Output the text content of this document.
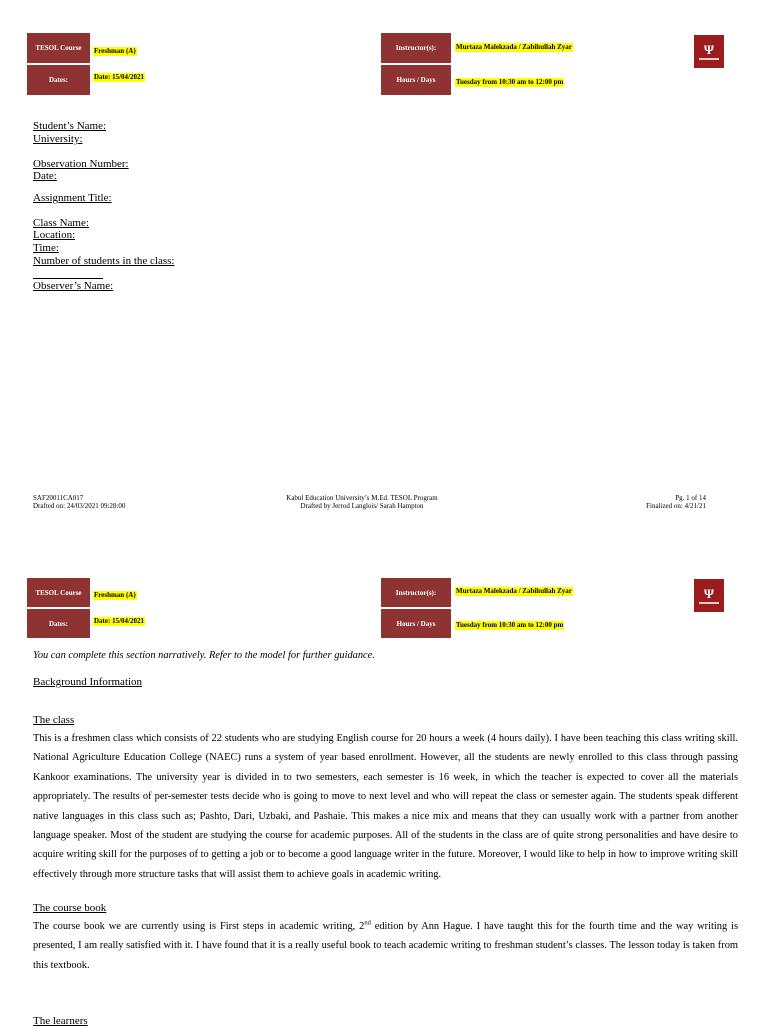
TESOL Course
Dates:
Freshman (A)
Date: 15/04/2021
Instructor(s):
Hours / Days
Murtaza Malekzada / Zabihullah Zyar
Tuesday from 10:30 am to 12:00 pm
Ψ
Student’s Name:
University:
Observation Number:
Date:
Assignment Title:
Class Name:
Location:
Time:
Number of students in the class:
Observer’s Name:
SAF20011CA017
Drafted on: 24/03/2021 09:28:00
Kabul Education University’s M.Ed. TESOL Program
Drafted by Jerrod Langlois/ Sarah Hampton
Pg. 1 of 14
Finalized on: 4/21/21
TESOL Course
Dates:
Freshman (A)
Date: 15/04/2021
Instructor(s):
Hours / Days
Murtaza Malekzada / Zabihullah Zyar
Tuesday from 10:30 am to 12:00 pm
Ψ
You can complete this section narratively. Refer to the model for further guidance.
Background Information
The class
This is a freshmen class which consists of 22 students who are studying English course for 20 hours a week (4 hours daily). I have been teaching this class writing skill. National Agriculture Education College (NAEC) runs a system of year based enrollment. However, all the students are newly enrolled to this class through passing Kankoor examinations. The university year is divided in to two semesters, each semester is 16 week, in which the teacher is expected to cover all the materials appropriately. The results of per-semester tests decide who is going to move to next level and who will repeat the class or semester again. The students speak different native languages in this class such as; Pashto, Dari, Uzbaki, and Pashaie. This makes a nice mix and means that they can usually work with a partner from another language speaker. Most of the student are studying the course for academic purposes. All of the students in the class are of quite strong personalities and have desire to acquire writing skill for the purposes of to getting a job or to become a good language writer in the future. Moreover, I would like to help in how to improve writing skill effectively through more structure tasks that will assist them to achieve goals in academic writing.
The course book
The course book we are currently using is First steps in academic writing, 2nd edition by Ann Hague. I have taught this for the fourth time and the way writing is presented, I am really satisfied with it. I have found that it is a really useful book to teach academic writing to freshman student’s classes. The lesson today is taken from this textbook.
The learners
